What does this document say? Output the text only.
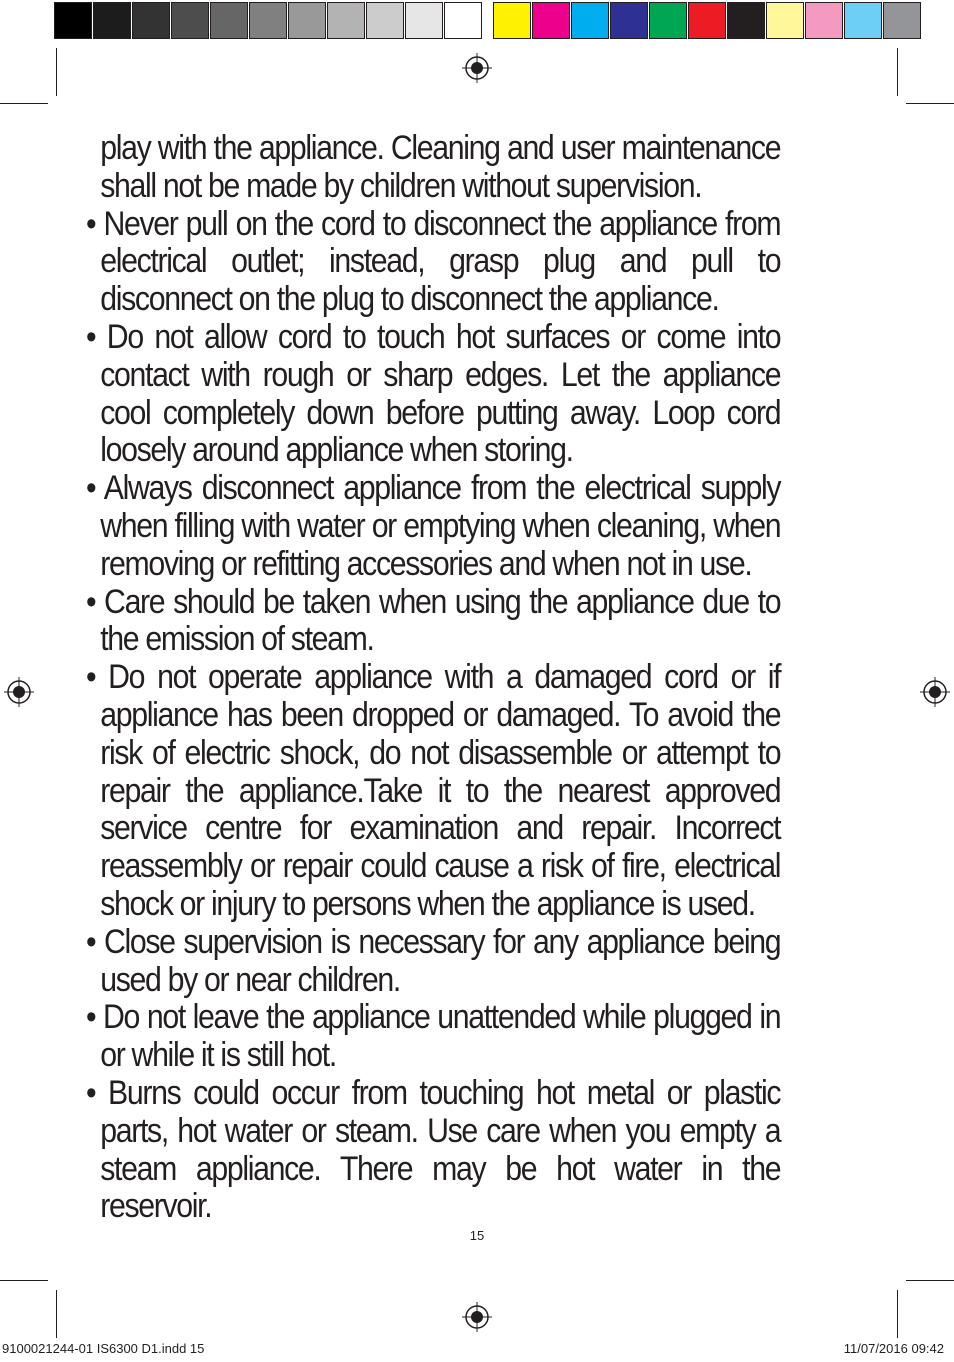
play with the appliance. Cleaning and user maintenance shall not be made by children without supervision.

• Never pull on the cord to disconnect the appliance from electrical outlet; instead, grasp plug and pull to disconnect on the plug to disconnect the appliance.

• Do not allow cord to touch hot surfaces or come into contact with rough or sharp edges. Let the appliance cool completely down before putting away. Loop cord loosely around appliance when storing.

• Always disconnect appliance from the electrical supply when filling with water or emptying when cleaning, when removing or refitting accessories and when not in use.

• Care should be taken when using the appliance due to the emission of steam.

• Do not operate appliance with a damaged cord or if appliance has been dropped or damaged. To avoid the risk of electric shock, do not disassemble or attempt to repair the appliance.Take it to the nearest approved service centre for examination and repair. Incorrect reassembly or repair could cause a risk of fire, electrical shock or injury to persons when the appliance is used.

• Close supervision is necessary for any appliance being used by or near children.

• Do not leave the appliance unattended while plugged in or while it is still hot.

• Burns could occur from touching hot metal or plastic parts, hot water or steam. Use care when you empty a steam appliance. There may be hot water in the reservoir.

15
9100021244-01 IS6300 D1.indd 15	11/07/2016 09:42
